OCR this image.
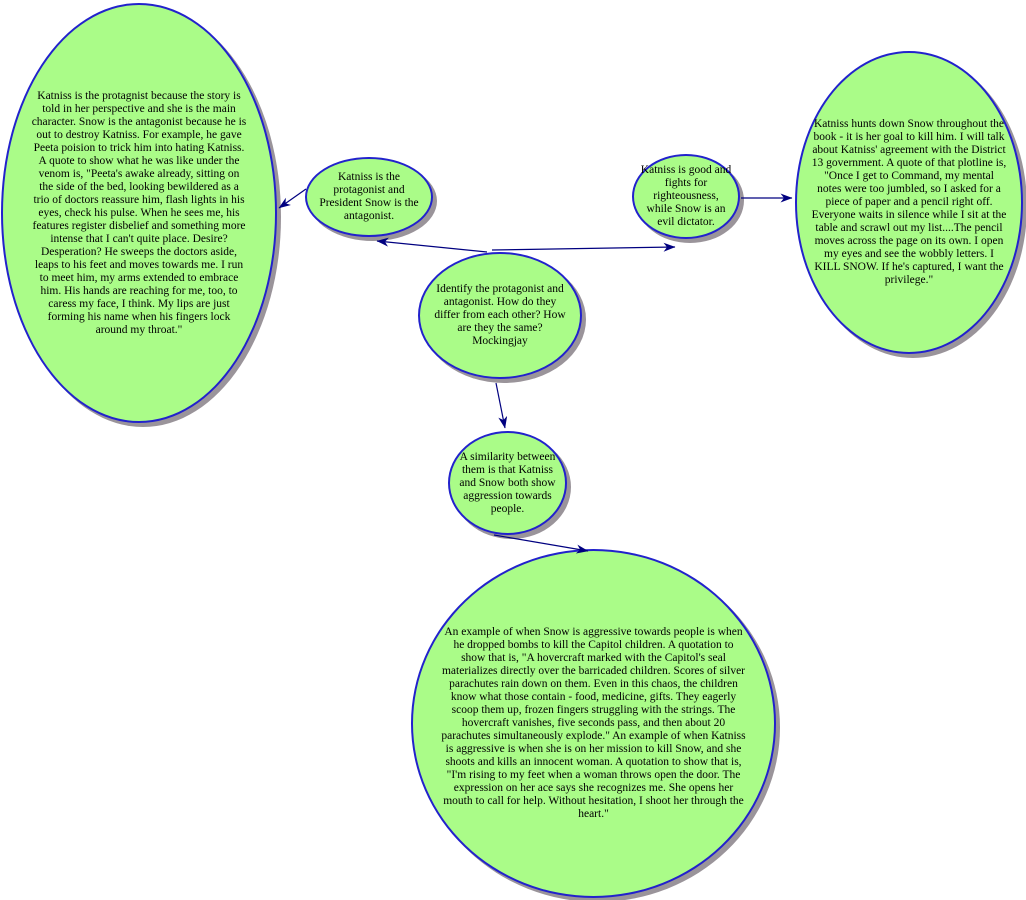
Katniss is the protagnist because the story is told in her perspective and she is the main character. Snow is the antagonist because he is out to destroy Katniss. For example, he gave Peeta poision to trick him into hating Katniss. A quote to show what he was like under the venom is, "Peeta's awake already, sitting on the side of the bed, looking bewildered as a trio of doctors reassure him, flash lights in his eyes, check his pulse. When he sees me, his features register disbelief and something more intense that I can't quite place. Desire? Desperation? He sweeps the doctors aside, leaps to his feet and moves towards me. I run to meet him, my arms extended to embrace him. His hands are reaching for me, too, to caress my face, I think. My lips are just forming his name when his fingers lock around my throat."
Katniss is the protagonist and President Snow is the antagonist.
Identify the protagonist and antagonist. How do they differ from each other? How are they the same?
Mockingjay
Katniss is good and fights for righteousness, while Snow is an evil dictator.
Katniss hunts down Snow throughout the book - it is her goal to kill him. I will talk about Katniss' agreement with the District 13 government. A quote of that plotline is, "Once I get to Command, my mental notes were too jumbled, so I asked for a piece of paper and a pencil right off. Everyone waits in silence while I sit at the table and scrawl out my list....The pencil moves across the page on its own. I open my eyes and see the wobbly letters. I KILL SNOW. If he's captured, I want the privilege."
A similarity between them is that Katniss and Snow both show aggression towards people.
An example of when Snow is aggressive towards people is when he dropped bombs to kill the Capitol children. A quotation to show that is, "A hovercraft marked with the Capitol's seal materializes directly over the barricaded children. Scores of silver parachutes rain down on them. Even in this chaos, the children know what those contain - food, medicine, gifts. They eagerly scoop them up, frozen fingers struggling with the strings. The hovercraft vanishes, five seconds pass, and then about 20 parachutes simultaneously explode." An example of when Katniss is aggressive is when she is on her mission to kill Snow, and she shoots and kills an innocent woman. A quotation to show that is, "I'm rising to my feet when a woman throws open the door. The expression on her ace says she recognizes me. She opens her mouth to call for help. Without hesitation, I shoot her through the heart."
